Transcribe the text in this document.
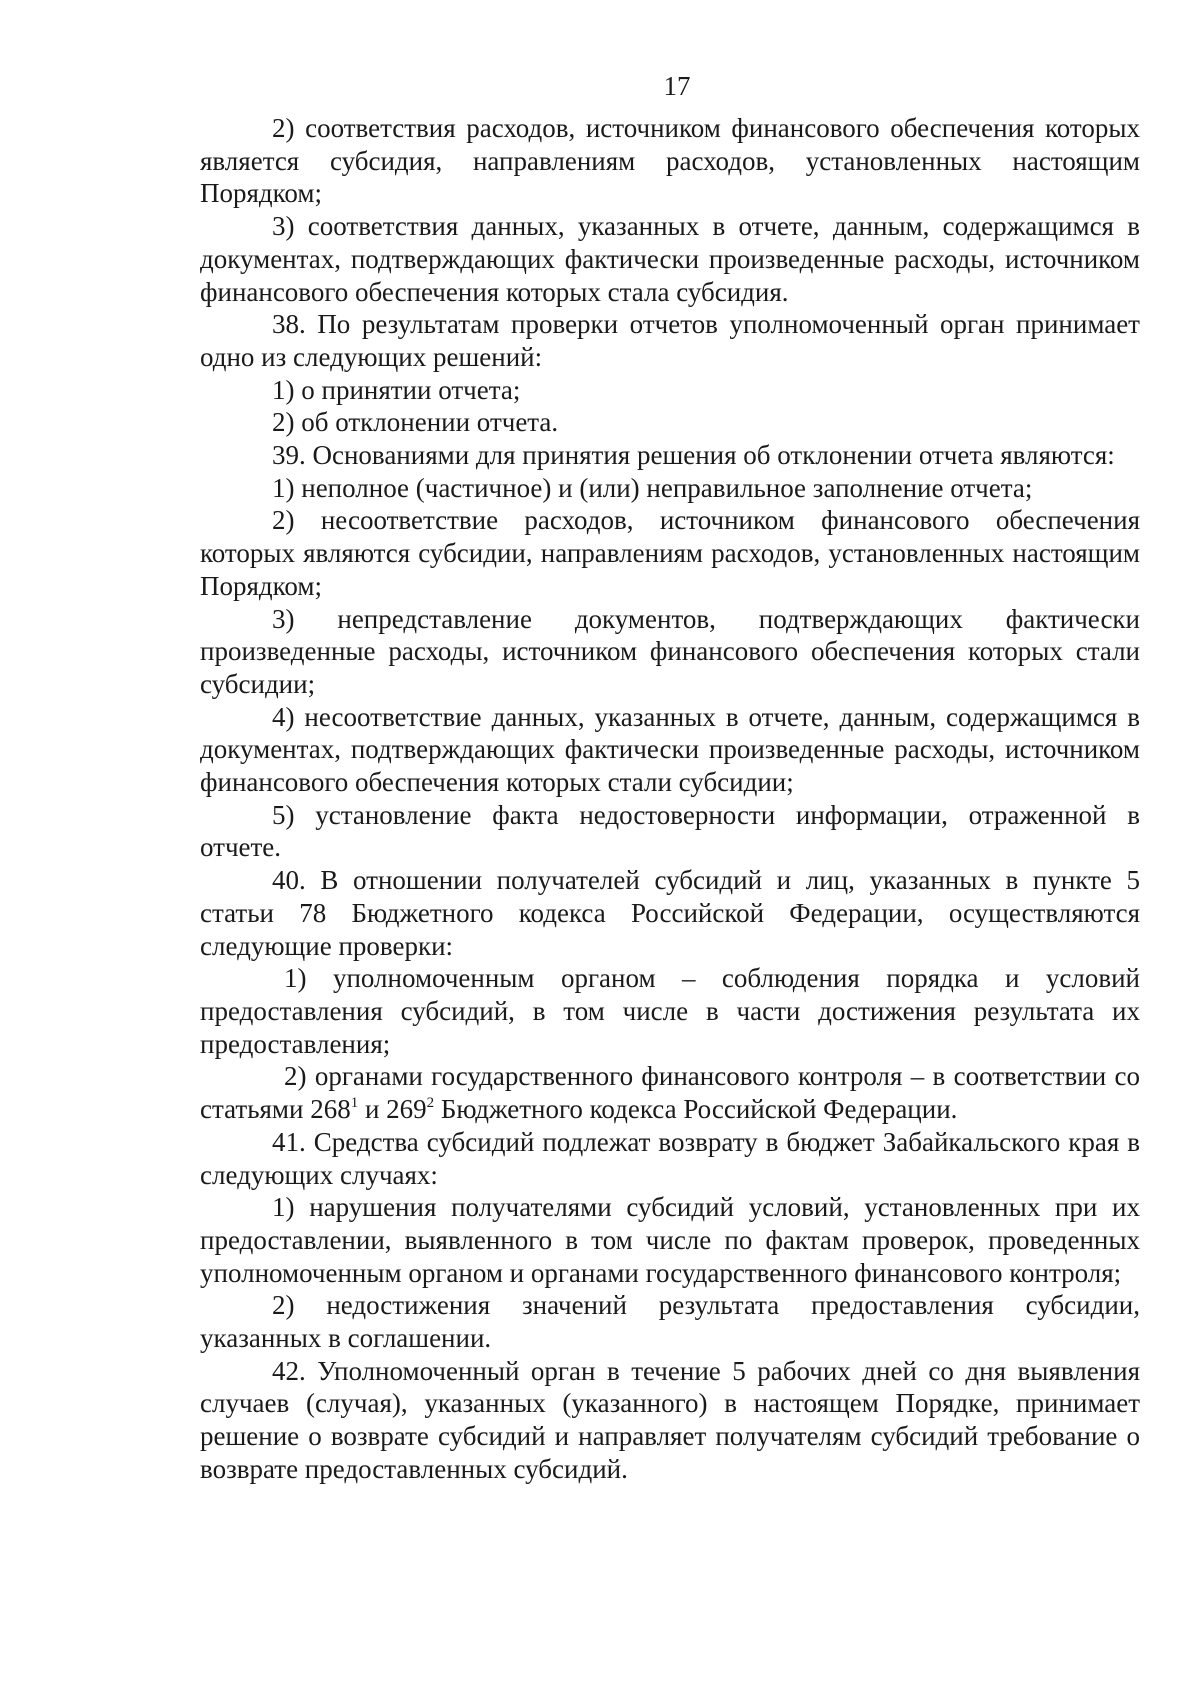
17

2) соответствия расходов, источником финансового обеспечения которых является субсидия, направлениям расходов, установленных настоящим Порядком;

3) соответствия данных, указанных в отчете, данным, содержащимся в документах, подтверждающих фактически произведенные расходы, источником финансового обеспечения которых стала субсидия.

38. По результатам проверки отчетов уполномоченный орган принимает одно из следующих решений:

1) о принятии отчета;

2) об отклонении отчета.

39. Основаниями для принятия решения об отклонении отчета являются:

1) неполное (частичное) и (или) неправильное заполнение отчета;

2) несоответствие расходов, источником финансового обеспечения которых являются субсидии, направлениям расходов, установленных настоящим Порядком;

3) непредставление документов, подтверждающих фактически произведенные расходы, источником финансового обеспечения которых стали субсидии;

4) несоответствие данных, указанных в отчете, данным, содержащимся в документах, подтверждающих фактически произведенные расходы, источником финансового обеспечения которых стали субсидии;

5) установление факта недостоверности информации, отраженной в отчете.

40. В отношении получателей субсидий и лиц, указанных в пункте 5 статьи 78 Бюджетного кодекса Российской Федерации, осуществляются следующие проверки:

1) уполномоченным органом – соблюдения порядка и условий предоставления субсидий, в том числе в части достижения результата их предоставления;

2) органами государственного финансового контроля – в соответствии со статьями $268^1$ и $269^2$ Бюджетного кодекса Российской Федерации.

41. Средства субсидий подлежат возврату в бюджет Забайкальского края в следующих случаях:

1) нарушения получателями субсидий условий, установленных при их предоставлении, выявленного в том числе по фактам проверок, проведенных уполномоченным органом и органами государственного финансового контроля;

2) недостижения значений результата предоставления субсидии, указанных в соглашении.

42. Уполномоченный орган в течение 5 рабочих дней со дня выявления случаев (случая), указанных (указанного) в настоящем Порядке, принимает решение о возврате субсидий и направляет получателям субсидий требование о возврате предоставленных субсидий.
